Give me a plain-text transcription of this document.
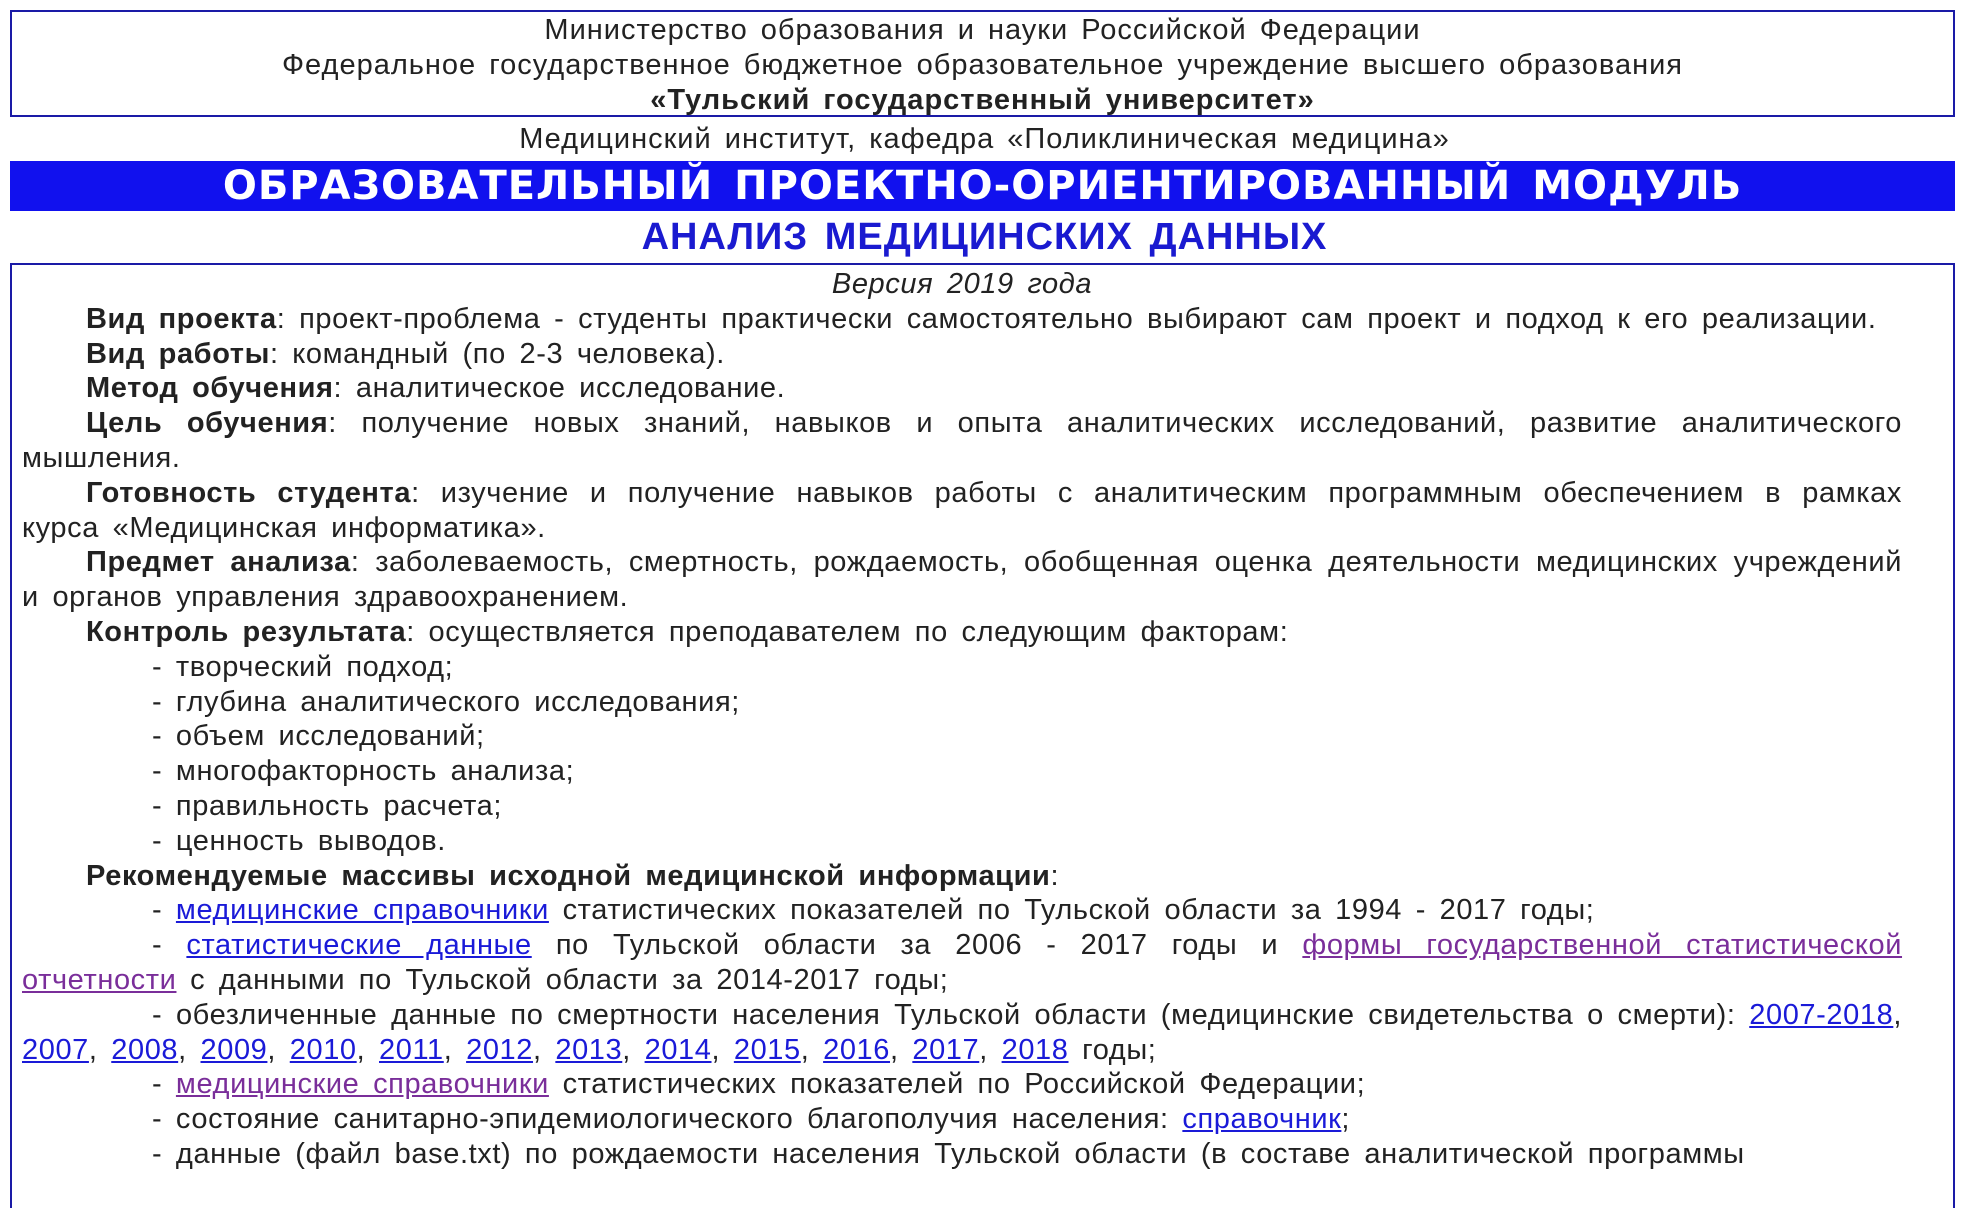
Министерство образования и науки Российской Федерации
Федеральное государственное бюджетное образовательное учреждение высшего образования
«Тульский государственный университет»
Медицинский институт, кафедра «Поликлиническая медицина»
ОБРАЗОВАТЕЛЬНЫЙ ПРОЕКТНО-ОРИЕНТИРОВАННЫЙ МОДУЛЬ
АНАЛИЗ МЕДИЦИНСКИХ ДАННЫХ
Версия 2019 года

Вид проекта: проект-проблема - студенты практически самостоятельно выбирают сам проект и подход к его реализации.

Вид работы: командный (по 2-3 человека).

Метод обучения: аналитическое исследование.

Цель обучения: получение новых знаний, навыков и опыта аналитических исследований, развитие аналитического мышления.

Готовность студента: изучение и получение навыков работы с аналитическим программным обеспечением в рамках курса «Медицинская информатика».

Предмет анализа: заболеваемость, смертность, рождаемость, обобщенная оценка деятельности медицинских учреждений и органов управления здравоохранением.

Контроль результата: осуществляется преподавателем по следующим факторам:

- творческий подход;

- глубина аналитического исследования;

- объем исследований;

- многофакторность анализа;

- правильность расчета;

- ценность выводов.

Рекомендуемые массивы исходной медицинской информации:

- медицинские справочники статистических показателей по Тульской области за 1994 - 2017 годы;

- статистические данные по Тульской области за 2006 - 2017 годы и формы государственной статистической отчетности с данными по Тульской области за 2014-2017 годы;

- обезличенные данные по смертности населения Тульской области (медицинские свидетельства о смерти): 2007-2018, 2007, 2008, 2009, 2010, 2011, 2012, 2013, 2014, 2015, 2016, 2017, 2018 годы;

- медицинские справочники статистических показателей по Российской Федерации;

- состояние санитарно-эпидемиологического благополучия населения: справочник;

- данные (файл base.txt) по рождаемости населения Тульской области (в составе аналитической программы
